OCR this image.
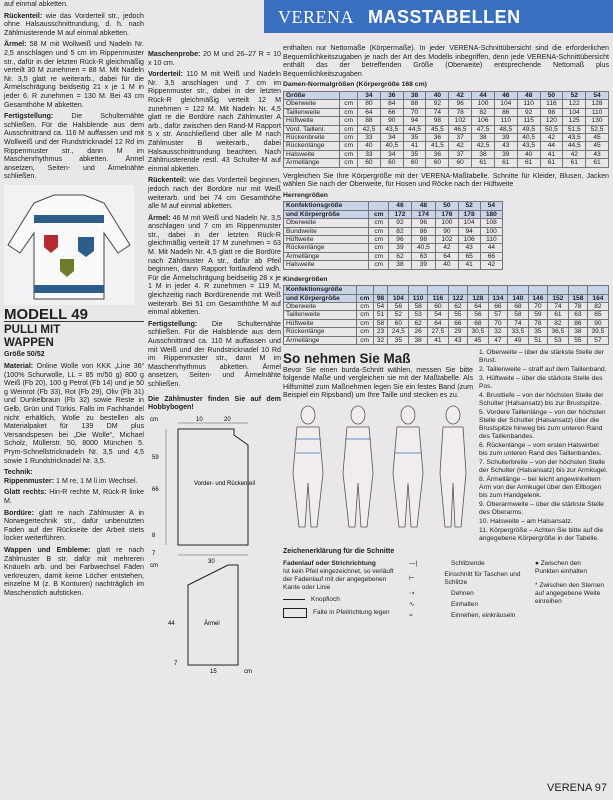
VERENA MASSTABELLEN

auf einmal abketten.

Rückenteil: wie das Vorderteil str., jedoch ohne Halsausschnittrundung, d. h. nach Zählmusterende M auf einmal abketten.

Ärmel: 58 M mit Wollweiß und Nadeln Nr. 2,5 anschlagen und 5 cm im Rippenmuster str., dafür in der letzten Rück-R gleichmäßig verteilt 30 M zunehmen = 88 M. Mit Nadeln Nr. 3,5 glatt re weiterarb., dabei für die Ärmelschrägung beidseitig 21 x je 1 M in jeder 6. R zunehmen = 130 M. Bei 43 cm Gesamthöhe M abketten.

Fertigstellung: Die Schulternähte schließen. Für die Halsblende aus dem Ausschnittrand ca. 116 M auffassen und mit Wollweiß und der Rundstricknadel 12 Rd im Rippenmuster str., dann M im Maschenrhythmus abketten. Ärmel ansetzen, Seiten- und Ärmelnähte schließen.

MODELL 49
PULLI MIT
WAPPEN

Größe 50/52

Material: Online Wolle von KKK „Line 36“ (100% Schurwolle, LL = 85 m/50 g) 800 g Weiß (Fb 20), 100 g Petrol (Fb 14) und je 50 g Weinrot (Fb 33), Rot (Fb 29), Oliv (Fb 31) und Dunkelbraun (Fb 32) sowie Reste in Gelb, Grün und Türkis. Falls im Fachhandel nicht erhältlich, Wolle zu bestellen als Materialpaket für 139 DM plus Versandspesen bei „Die Wolle“, Michael Scholz, Müllerstr. 50, 8000 München 5. Prym-Schnellstricknadeln Nr. 3,5 und 4,5 sowie 1 Rundstricknadel Nr. 3,5.

Technik:

Rippenmuster: 1 M re, 1 M li im Wechsel.

Glatt rechts: Hin-R rechte M, Rück-R linke M.

Bordüre: glatt re nach Zählmuster A in Norwegertechnik str., dafür unbenutzten Faden auf der Rückseite der Arbeit stets locker weiterführen.

Wappen und Embleme: glatt re nach Zählmuster B str. dafür mit mehreren Knäueln arb. und bei Farbwechsel Fäden verkreuzen, damit keine Löcher entstehen, einzelne M (z. B Konturen) nachträglich im Maschenstich aufsticken.

Maschenprobe: 20 M und 26–27 R = 10 x 10 cm.

Vorderteil: 110 M mit Weiß und Nadeln Nr. 3,5 anschlagen und 7 cm im Rippenmuster str., dabei in der letzten Rück-R gleichmäßig verteilt 12 M zunehmen = 122 M. Mit Nadeln Nr. 4,5 glatt re die Bordüre nach Zählmuster A arb., dafür zwischen den Rand-M Rapport 5 x str. Anschließend über alle M nach Zählmuster B weiterarb., dabei Halsausschnittrundung beachten. Nach Zählmusterende restl. 43 Schulter-M auf einmal abketten.

Rückenteil: wie das Vorderteil beginnen, jedoch nach der Bordüre nur mit Weiß weiterarb. und bei 74 cm Gesamthöhe alle M auf einmal abketten.

Ärmel: 46 M mit Weiß und Nadeln Nr. 3,5 anschlagen und 7 cm im Rippenmuster str., dabei in der letzten Rück-R gleichmäßig verteilt 17 M zunehmen = 63 M. Mit Nadeln Nr. 4,5 glatt re die Bordüre nach Zählmuster A str., dafür ab Pfeil beginnen, dann Rapport fortlaufend wdh. Für die Ärmelschrägung beidseitig 28 x je 1 M in jeder 4. R zunehmen = 119 M, gleichzeitig nach Bordürenende mit Weiß weiterarb. Bei 51 cm Gesamthöhe M auf einmal abketten.

Fertigstellung: Die Schulternähte schließen. Für die Halsblende aus dem Ausschnittrand ca. 110 M auffassen und mit Weiß und der Rundstricknadel 10 Rd im Rippenmuster str., dann M im Maschenrhythmus abketten. Ärmel ansetzen, Seiten- und Ärmelnähte schließen.

Die Zählmuster finden Sie auf dem Hobbybogen!

Vorder- und Rückenteil
Ärmel
cm	10	20
59
66
8
7
30
cm
44
7
15	cm

enthalten nur Nettomaße (Körpermaße). In jeder VERENA-Schnittübersicht sind die erforderlichen Bequemlichkeitszugaben je nach der Art des Modells inbegriffen, denn jede VERENA-Schnittübersicht enthält das der betreffenden Größe (Oberweite) entsprechende Nettomaß plus Bequemlichkeitszugaben

Damen-Normalgrößen (Körpergröße 168 cm)
Größe		34	36	38	40	42	44	46	48	50	52	54
Oberweite	cm	80	84	88	92	96	100	104	110	116	122	128
Taillenweite	cm	64	66	70	74	78	82	86	92	98	104	110
Hüftweite	cm	88	90	94	98	102	106	110	115	120	125	130
Vord. Taillenl.	cm	42,5	43,5	44,5	45,5	46,5	47,5	48,5	49,5	50,5	51,5	52,5
Rückenbreite	cm	33	34	35	36	37	38	39	40,5	42	43,5	45
Rückenlänge	cm	40	40,5	41	41,5	42	42,5	43	43,5	44	44,5	45
Halsweite	cm	33	34	35	36	37	38	39	40	41	42	43
Ärmellänge	cm	60	60	60	60	60	61	61	61	61	61	61

Vergleichen Sie Ihre Körpergröße mit der VERENA-Maßtabelle. Schnitte für Kleider, Blusen, Jacken wählen Sie nach der Oberweite, für Hosen und Röcke nach der Hüftweite

Herrengrößen
Konfektionsgröße		46	48	50	52	54
und Körpergröße	cm	172	174	176	178	180
Oberweite	cm	92	96	100	104	108
Bundweite	cm	82	86	90	94	100
Hüftweite	cm	96	98	102	106	110
Rückenlänge	cm	39	40,5	42	43	44
Ärmellänge	cm	62	63	64	65	66
Halsweite	cm	38	39	40	41	42
Kindergrößen
Konfektionsgröße													
und Körpergröße	cm	98	104	110	116	122	128	134	140	146	152	158	164
Oberweite	cm	54	56	58	60	62	64	66	68	70	74	78	82
Taillenweite	cm	51	52	53	54	55	56	57	58	59	61	63	65
Hüftweite	cm	58	60	62	64	66	68	70	74	78	82	86	90
Rückenlänge	cm	23	24,5	26	27,5	29	30,5	32	33,5	35	36,5	38	39,5
Ärmellänge	cm	32	35	38	41	43	45	47	49	51	53	55	57
So nehmen Sie Maß

Bevor Sie einen burda-Schnitt wählen, messen Sie bitte folgende Maße und vergleichen sie mit der Maßtabelle. Als Hilfsmittel zum Maßnehmen legen Sie ein festes Band (zum Beispiel ein Ripsband) um Ihre Taille und stecken es zu.

1. Oberweite – über die stärkste Stelle der Brust.
2. Taillenweite – straff auf dem Taillenband.
3. Hüftweite – über die stärkste Stelle des Pos.
4. Brusttiefe – von der höchsten Stelle der Schulter (Halsansatz) bis zur Brustspitze.
5. Vordere Taillenlänge – von der höchsten Stelle der Schulter (Halsansatz) über die Brustspitze hinweg bis zum unteren Rand des Taillenbandes.
6. Rückenlänge – vom ersten Halswirbel bis zum unteren Rand des Taillenbandes.
7. Schulterbreite – von der höchsten Stelle der Schulter (Halsansatz) bis zur Armkugel.
8. Ärmellänge – bei leicht angewinkeltem Arm von der Armkugel über den Ellbogen bis zum Handgelenk.
9. Oberarmweite – über die stärkste Stelle des Oberarms.
10. Halsweite – am Halsansatz.
11. Körpergröße – Achten Sie bitte auf die angegebene Körpergröße in der Tabelle.
Zeichenerklärung für die Schnitte
Fadenlauf oder Strichrichtung
Ist kein Pfeil eingezeichnet, so verläuft der Fadenlauf mit der angegebenen Kante oder Linie
Knopfloch
Falte in Pfeilrichtung legen
—|	Schlitzende
⊢
Einschnitt für Taschen und Schlitze
⇢	Dehnen
∿	Einhalten
≈	Einreihen, einkräuseln
● Zwischen den Punkten einhalten
* Zwischen den Sternen auf angegebene Weite einreihen
VERENA 97
